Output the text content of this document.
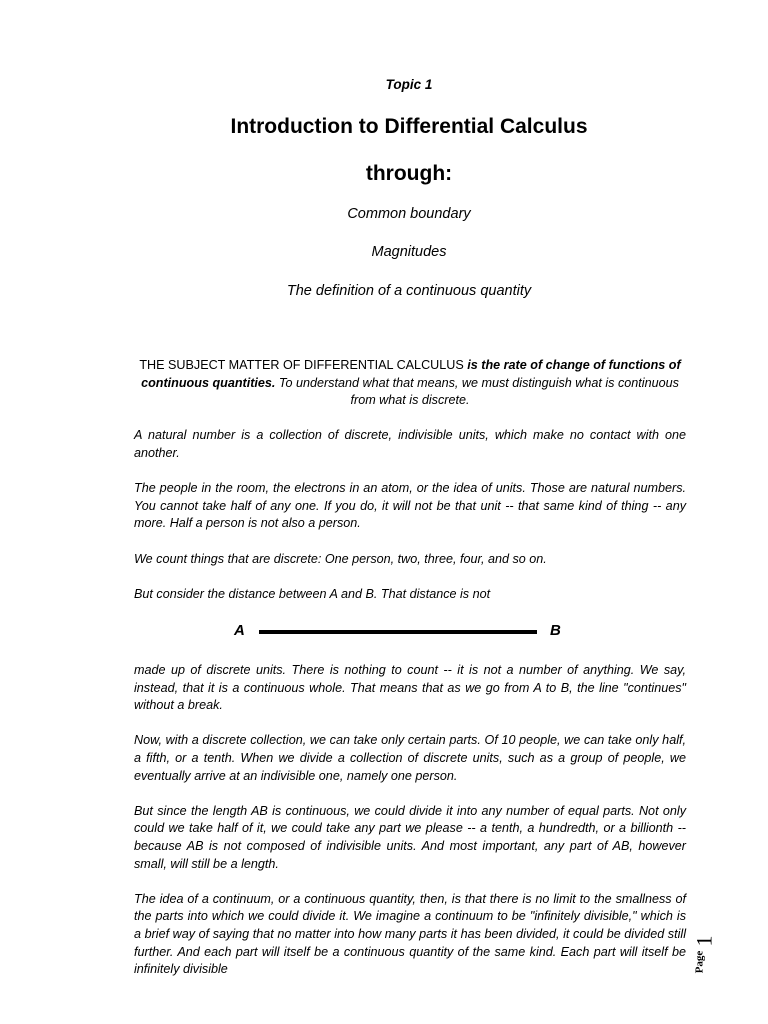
Topic 1
Introduction to Differential Calculus
through:
Common boundary
Magnitudes
The definition of a continuous quantity

THE SUBJECT MATTER OF DIFFERENTIAL CALCULUS is the rate of change of functions of continuous quantities. To understand what that means, we must distinguish what is continuous from what is discrete.

A natural number is a collection of discrete, indivisible units, which make no contact with one another.

The people in the room, the electrons in an atom, or the idea of units. Those are natural numbers. You cannot take half of any one. If you do, it will not be that unit -- that same kind of thing -- any more. Half a person is not also a person.

We count things that are discrete: One person, two, three, four, and so on.

But consider the distance between A and B. That distance is not

A	B

made up of discrete units. There is nothing to count -- it is not a number of anything. We say, instead, that it is a continuous whole. That means that as we go from A to B, the line "continues" without a break.

Now, with a discrete collection, we can take only certain parts. Of 10 people, we can take only half, a fifth, or a tenth. When we divide a collection of discrete units, such as a group of people, we eventually arrive at an indivisible one, namely one person.

But since the length AB is continuous, we could divide it into any number of equal parts. Not only could we take half of it, we could take any part we please -- a tenth, a hundredth, or a billionth -- because AB is not composed of indivisible units. And most important, any part of AB, however small, will still be a length.

The idea of a continuum, or a continuous quantity, then, is that there is no limit to the smallness of the parts into which we could divide it. We imagine a continuum to be "infinitely divisible," which is a brief way of saying that no matter into how many parts it has been divided, it could be divided still further. And each part will itself be a continuous quantity of the same kind. Each part will itself be infinitely divisible	Page
1
